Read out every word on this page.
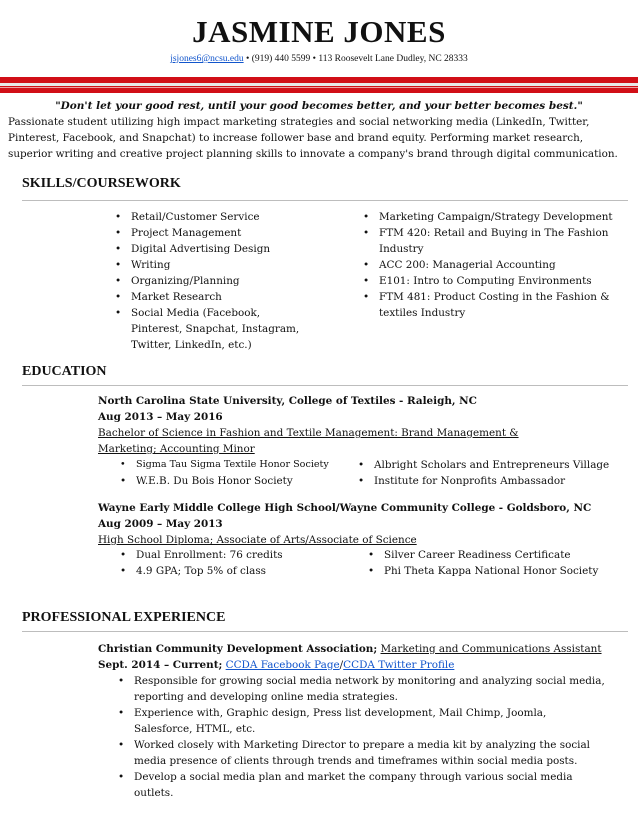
JASMINE JONES
jsjones6@ncsu.edu • (919) 440 5599 • 113 Roosevelt Lane Dudley, NC 28333
"Don't let your good rest, until your good becomes better, and your better becomes best."
Passionate student utilizing high impact marketing strategies and social networking media (LinkedIn, Twitter, Pinterest, Facebook, and Snapchat) to increase follower base and brand equity. Performing market research, superior writing and creative project planning skills to innovate a company's brand through digital communication.
SKILLS/COURSEWORK
• Retail/Customer Service
• Project Management
• Digital Advertising Design
• Writing
• Organizing/Planning
• Market Research
• Social Media (Facebook, Pinterest, Snapchat, Instagram, Twitter, LinkedIn, etc.)
• Marketing Campaign/Strategy Development
• FTM 420: Retail and Buying in The Fashion Industry
• ACC 200: Managerial Accounting
• E101: Intro to Computing Environments
• FTM 481: Product Costing in the Fashion & textiles Industry
EDUCATION
North Carolina State University, College of Textiles - Raleigh, NC
Aug 2013 – May 2016
Bachelor of Science in Fashion and Textile Management: Brand Management & Marketing; Accounting Minor
• Sigma Tau Sigma Textile Honor Society
• W.E.B. Du Bois Honor Society
• Albright Scholars and Entrepreneurs Village
• Institute for Nonprofits Ambassador
Wayne Early Middle College High School/Wayne Community College - Goldsboro, NC
Aug 2009 – May 2013
High School Diploma; Associate of Arts/Associate of Science
• Dual Enrollment: 76 credits
• 4.9 GPA; Top 5% of class
• Silver Career Readiness Certificate
• Phi Theta Kappa National Honor Society
PROFESSIONAL EXPERIENCE
Christian Community Development Association; Marketing and Communications Assistant
Sept. 2014 – Current; CCDA Facebook Page/CCDA Twitter Profile
• Responsible for growing social media network by monitoring and analyzing social media, reporting and developing online media strategies.
• Experience with, Graphic design, Press list development, Mail Chimp, Joomla, Salesforce, HTML, etc.
• Worked closely with Marketing Director to prepare a media kit by analyzing the social media presence of clients through trends and timeframes within social media posts.
• Develop a social media plan and market the company through various social media outlets.
